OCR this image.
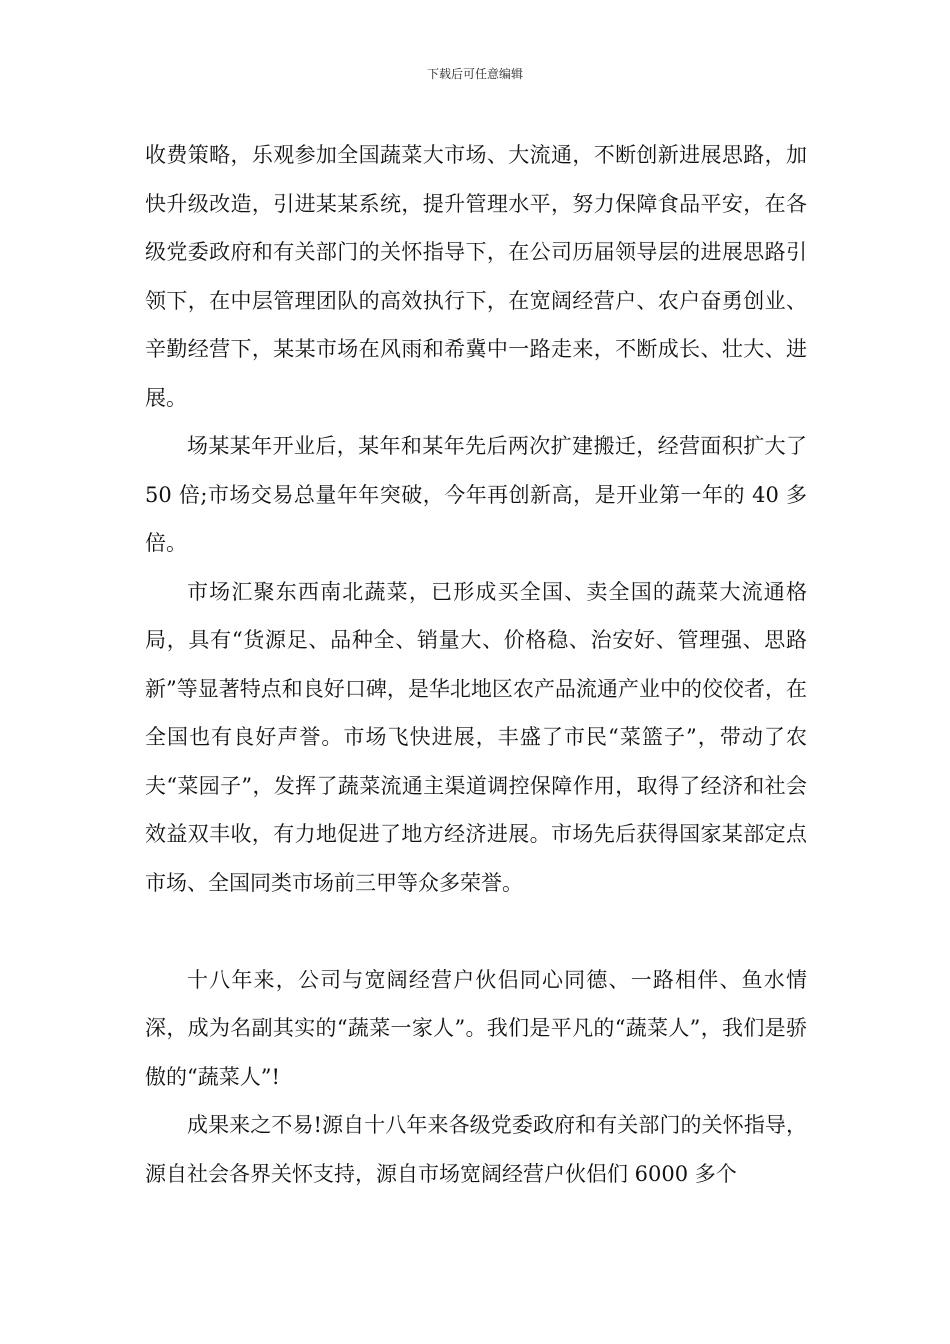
下载后可任意编辑

收费策略，乐观参加全国蔬菜大市场、大流通，不断创新进展思路，加快升级改造，引进某某系统，提升管理水平，努力保障食品平安，在各级党委政府和有关部门的关怀指导下，在公司历届领导层的进展思路引领下，在中层管理团队的高效执行下，在宽阔经营户、农户奋勇创业、辛勤经营下，某某市场在风雨和希冀中一路走来，不断成长、壮大、进展。

场某某年开业后，某年和某年先后两次扩建搬迁，经营面积扩大了 50 倍;市场交易总量年年突破，今年再创新高，是开业第一年的 40 多倍。

市场汇聚东西南北蔬菜，已形成买全国、卖全国的蔬菜大流通格局，具有“货源足、品种全、销量大、价格稳、治安好、管理强、思路新”等显著特点和良好口碑，是华北地区农产品流通产业中的佼佼者，在全国也有良好声誉。市场飞快进展，丰盛了市民“菜篮子”，带动了农夫“菜园子”，发挥了蔬菜流通主渠道调控保障作用，取得了经济和社会效益双丰收，有力地促进了地方经济进展。市场先后获得国家某部定点市场、全国同类市场前三甲等众多荣誉。

十八年来，公司与宽阔经营户伙侣同心同德、一路相伴、鱼水情深，成为名副其实的“蔬菜一家人”。我们是平凡的“蔬菜人”，我们是骄傲的“蔬菜人”!

成果来之不易!源自十八年来各级党委政府和有关部门的关怀指导，源自社会各界关怀支持，源自市场宽阔经营户伙侣们 6000 多个
